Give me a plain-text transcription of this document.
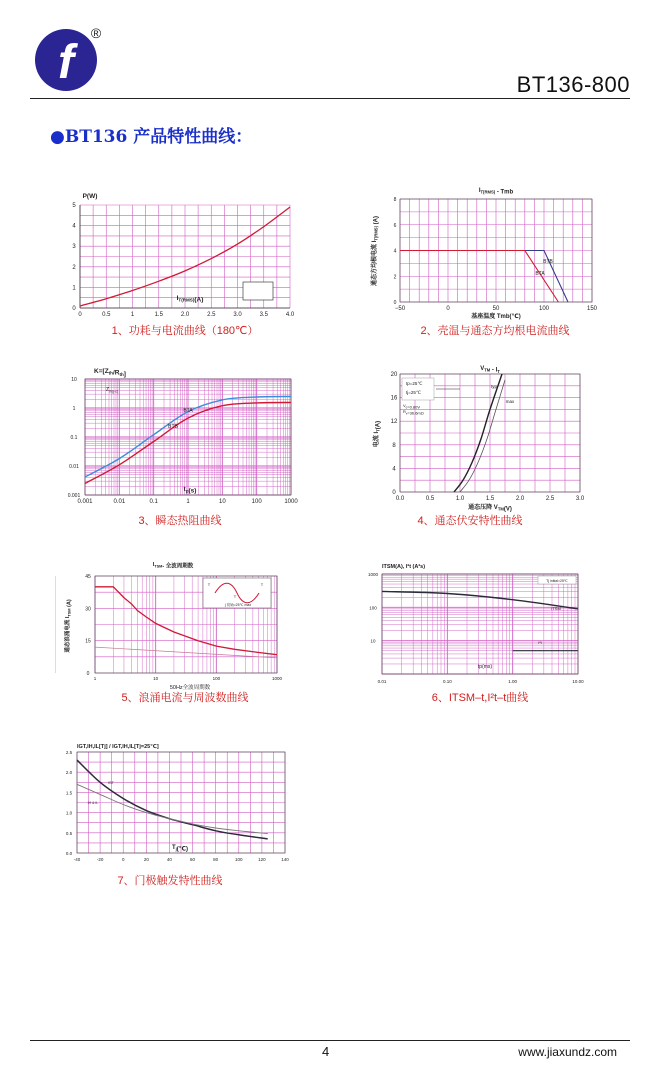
f
®
BT136-800
●BT136 产品特性曲线：
0	0.5	1	1.5	2.0	2.5	3.0	3.5	4.0
0
1
2
3
4
5
P(W)
$I_{T(RMS)}(A)$
1、功耗与电流曲线（180℃）
−50	0	50	100	150
0
2
4
6
8
$I_{T(RMS)}$ - Tmb
基座温度 Tmb(℃)
通态方均根电流 $I_{T(RMS)}$ (A)
BTB
BTA
2、壳温与通态方均根电流曲线
0.001	0.01	0.1	1	10	100	1000
0.001
0.01
0.1
1
10
$K=[Z_{th}/R_{th}]$
$t_p(s)$
$Z_{th(j-c)}$
BTA
BTB
3、瞬态热阻曲线
0.0	0.5	1.0	1.5	2.0	2.5	3.0
0
4
8
12
16
20
$V_{TM} - I_T$
通态压降 $V_{TM}(V)$
电流 $I_T(A)$
tp=25℃
tj=25℃
$V_0=0.80V$
$R_s=36.6m\Omega$
typ
max
4、通态伏安特性曲线
1	10	100	1000
0
15
30
45
$I_{TSM}-$ 全波周期数
50Hz全波周期数
通态浪涌电流 $I_{TSM}$ (A)
T	T
T
j 初始=25℃ max
5、浪涌电流与周波数曲线
0.01	0.10	1.00	10.00
1000
100
10
ITSM(A), I²t (A²s)
tp(ms)
ITSM
I²t
Tj initial=25℃
6、ITSM–t,I²t–t曲线
-40	-20	0	20	40	60	80	100	120	140
0.0
0.5
1.0
1.5
2.0
2.5
IGT,IH,IL[Tj] / IGT,IH,IL[Tj=25℃]
$T_j(℃)$
IGT
IH & IL
7、门极触发特性曲线
4	www.jiaxundz.com
